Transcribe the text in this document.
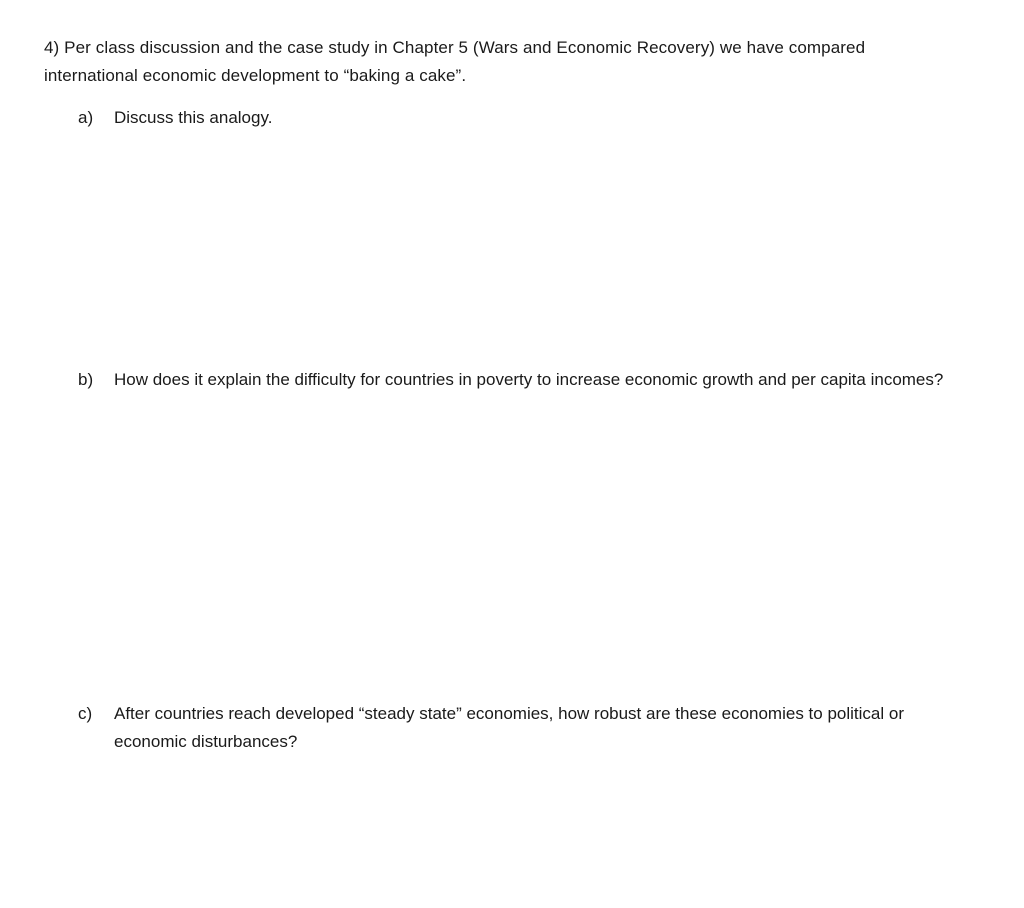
4) Per class discussion and the case study in Chapter 5 (Wars and Economic Recovery) we have compared international economic development to “baking a cake”.
a) Discuss this analogy.
b) How does it explain the difficulty for countries in poverty to increase economic growth and per capita incomes?
c) After countries reach developed “steady state” economies, how robust are these economies to political or economic disturbances?
